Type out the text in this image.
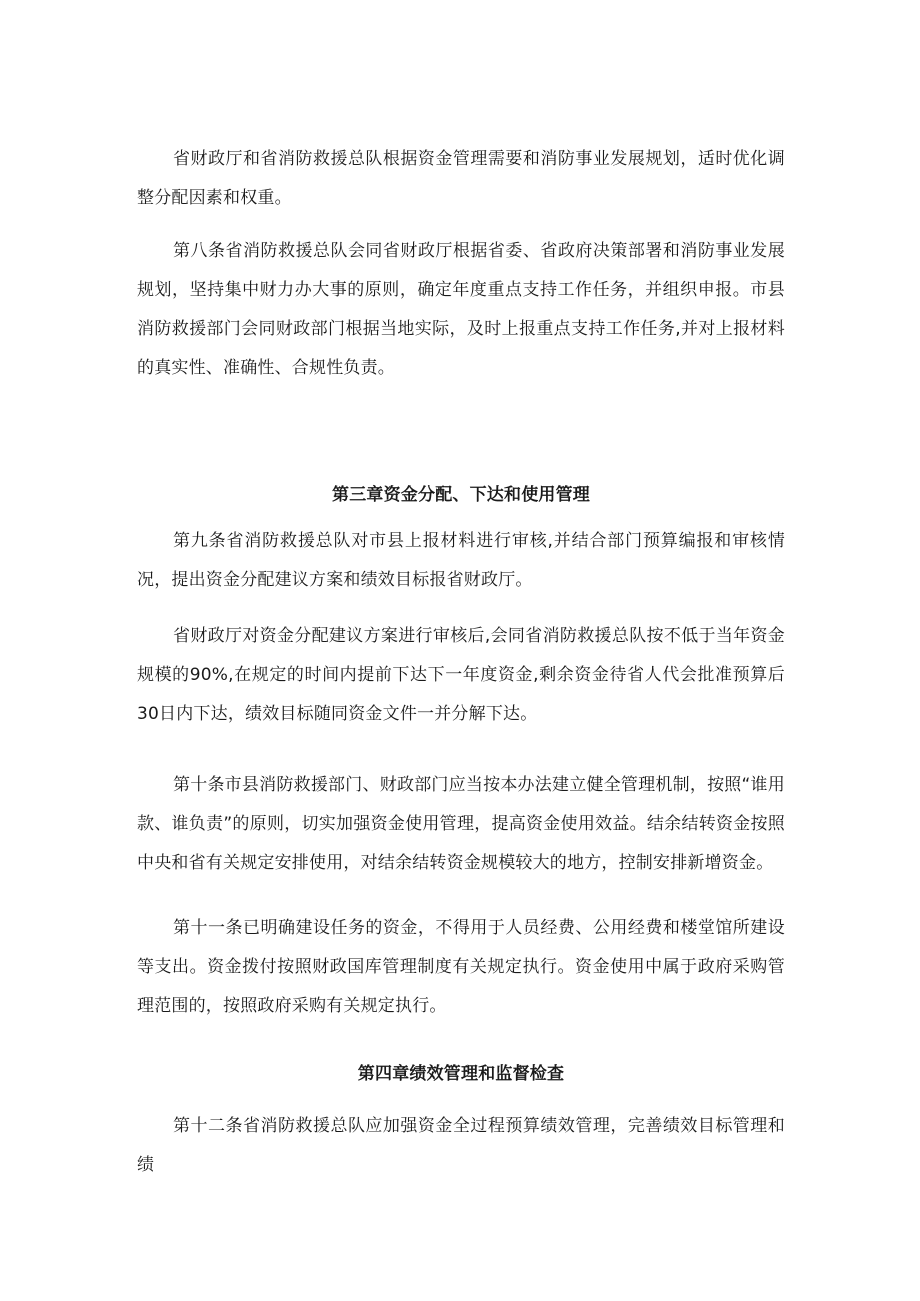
省财政厅和省消防救援总队根据资金管理需要和消防事业发展规划，适时优化调整分配因素和权重。

第八条省消防救援总队会同省财政厅根据省委、省政府决策部署和消防事业发展规划，坚持集中财力办大事的原则，确定年度重点支持工作任务，并组织申报。市县消防救援部门会同财政部门根据当地实际，及时上报重点支持工作任务,并对上报材料的真实性、准确性、合规性负责。

第三章资金分配、下达和使用管理

第九条省消防救援总队对市县上报材料进行审核,并结合部门预算编报和审核情况，提出资金分配建议方案和绩效目标报省财政厅。

省财政厅对资金分配建议方案进行审核后,会同省消防救援总队按不低于当年资金规模的90%,在规定的时间内提前下达下一年度资金,剩余资金待省人代会批准预算后30日内下达，绩效目标随同资金文件一并分解下达。

第十条市县消防救援部门、财政部门应当按本办法建立健全管理机制，按照“谁用款、谁负责”的原则，切实加强资金使用管理，提高资金使用效益。结余结转资金按照中央和省有关规定安排使用，对结余结转资金规模较大的地方，控制安排新增资金。

第十一条已明确建设任务的资金，不得用于人员经费、公用经费和楼堂馆所建设等支出。资金拨付按照财政国库管理制度有关规定执行。资金使用中属于政府采购管理范围的，按照政府采购有关规定执行。

第四章绩效管理和监督检查

第十二条省消防救援总队应加强资金全过程预算绩效管理，完善绩效目标管理和绩
